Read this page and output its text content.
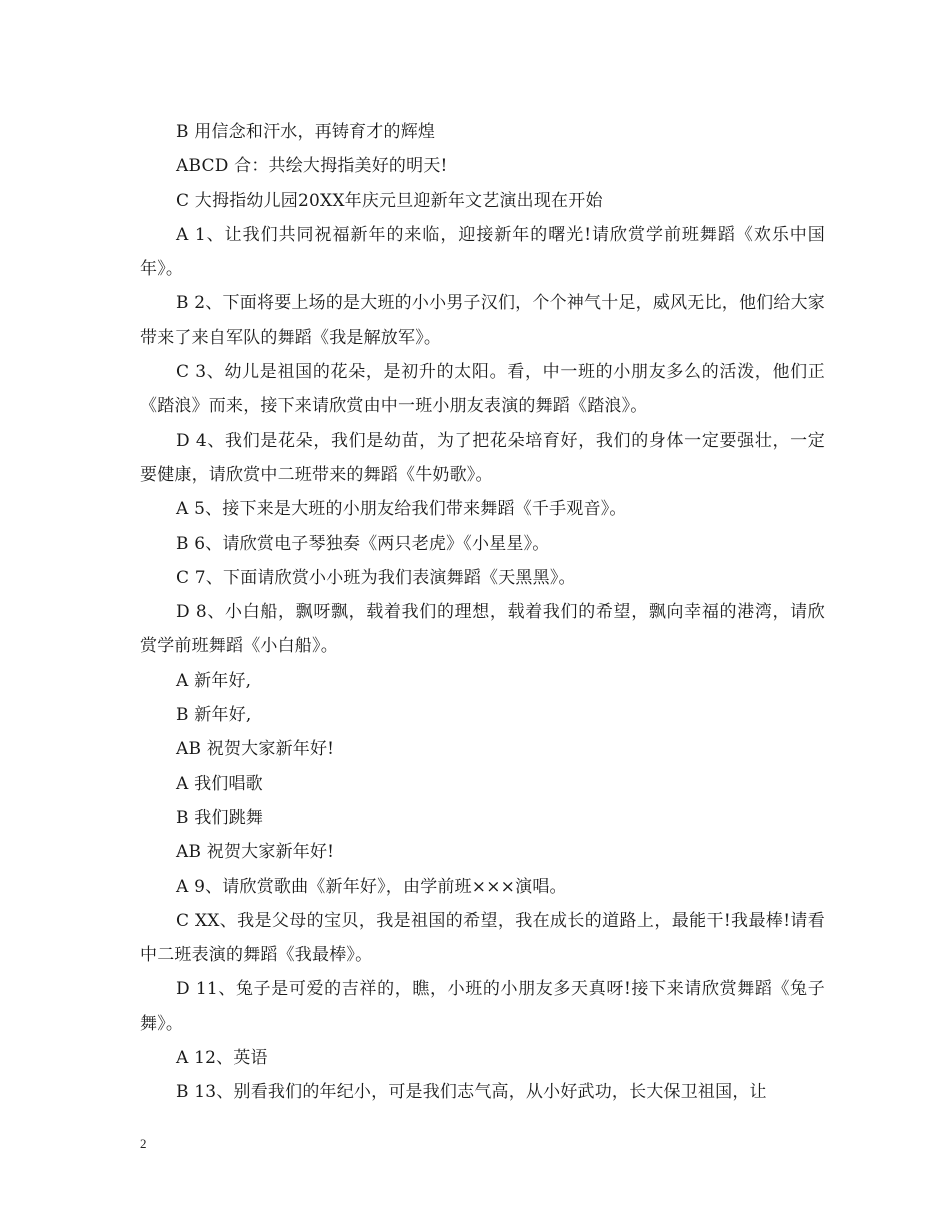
B 用信念和汗水，再铸育才的辉煌

ABCD 合：共绘大拇指美好的明天!

C 大拇指幼儿园20XX年庆元旦迎新年文艺演出现在开始

A 1、让我们共同祝福新年的来临，迎接新年的曙光!请欣赏学前班舞蹈《欢乐中国年》。

B 2、下面将要上场的是大班的小小男子汉们，个个神气十足，威风无比，他们给大家带来了来自军队的舞蹈《我是解放军》。

C 3、幼儿是祖国的花朵，是初升的太阳。看，中一班的小朋友多么的活泼，他们正《踏浪》而来，接下来请欣赏由中一班小朋友表演的舞蹈《踏浪》。

D 4、我们是花朵，我们是幼苗，为了把花朵培育好，我们的身体一定要强壮，一定要健康，请欣赏中二班带来的舞蹈《牛奶歌》。

A 5、接下来是大班的小朋友给我们带来舞蹈《千手观音》。

B 6、请欣赏电子琴独奏《两只老虎》《小星星》。

C 7、下面请欣赏小小班为我们表演舞蹈《天黑黑》。

D 8、小白船，飘呀飘，载着我们的理想，载着我们的希望，飘向幸福的港湾，请欣赏学前班舞蹈《小白船》。

A 新年好,

B 新年好,

AB 祝贺大家新年好!

A 我们唱歌

B 我们跳舞

AB 祝贺大家新年好!

A 9、请欣赏歌曲《新年好》，由学前班×××演唱。

C XX、我是父母的宝贝，我是祖国的希望，我在成长的道路上，最能干!我最棒!请看中二班表演的舞蹈《我最棒》。

D 11、兔子是可爱的吉祥的，瞧，小班的小朋友多天真呀!接下来请欣赏舞蹈《兔子舞》。

A 12、英语

B 13、别看我们的年纪小，可是我们志气高，从小好武功，长大保卫祖国，让

2
